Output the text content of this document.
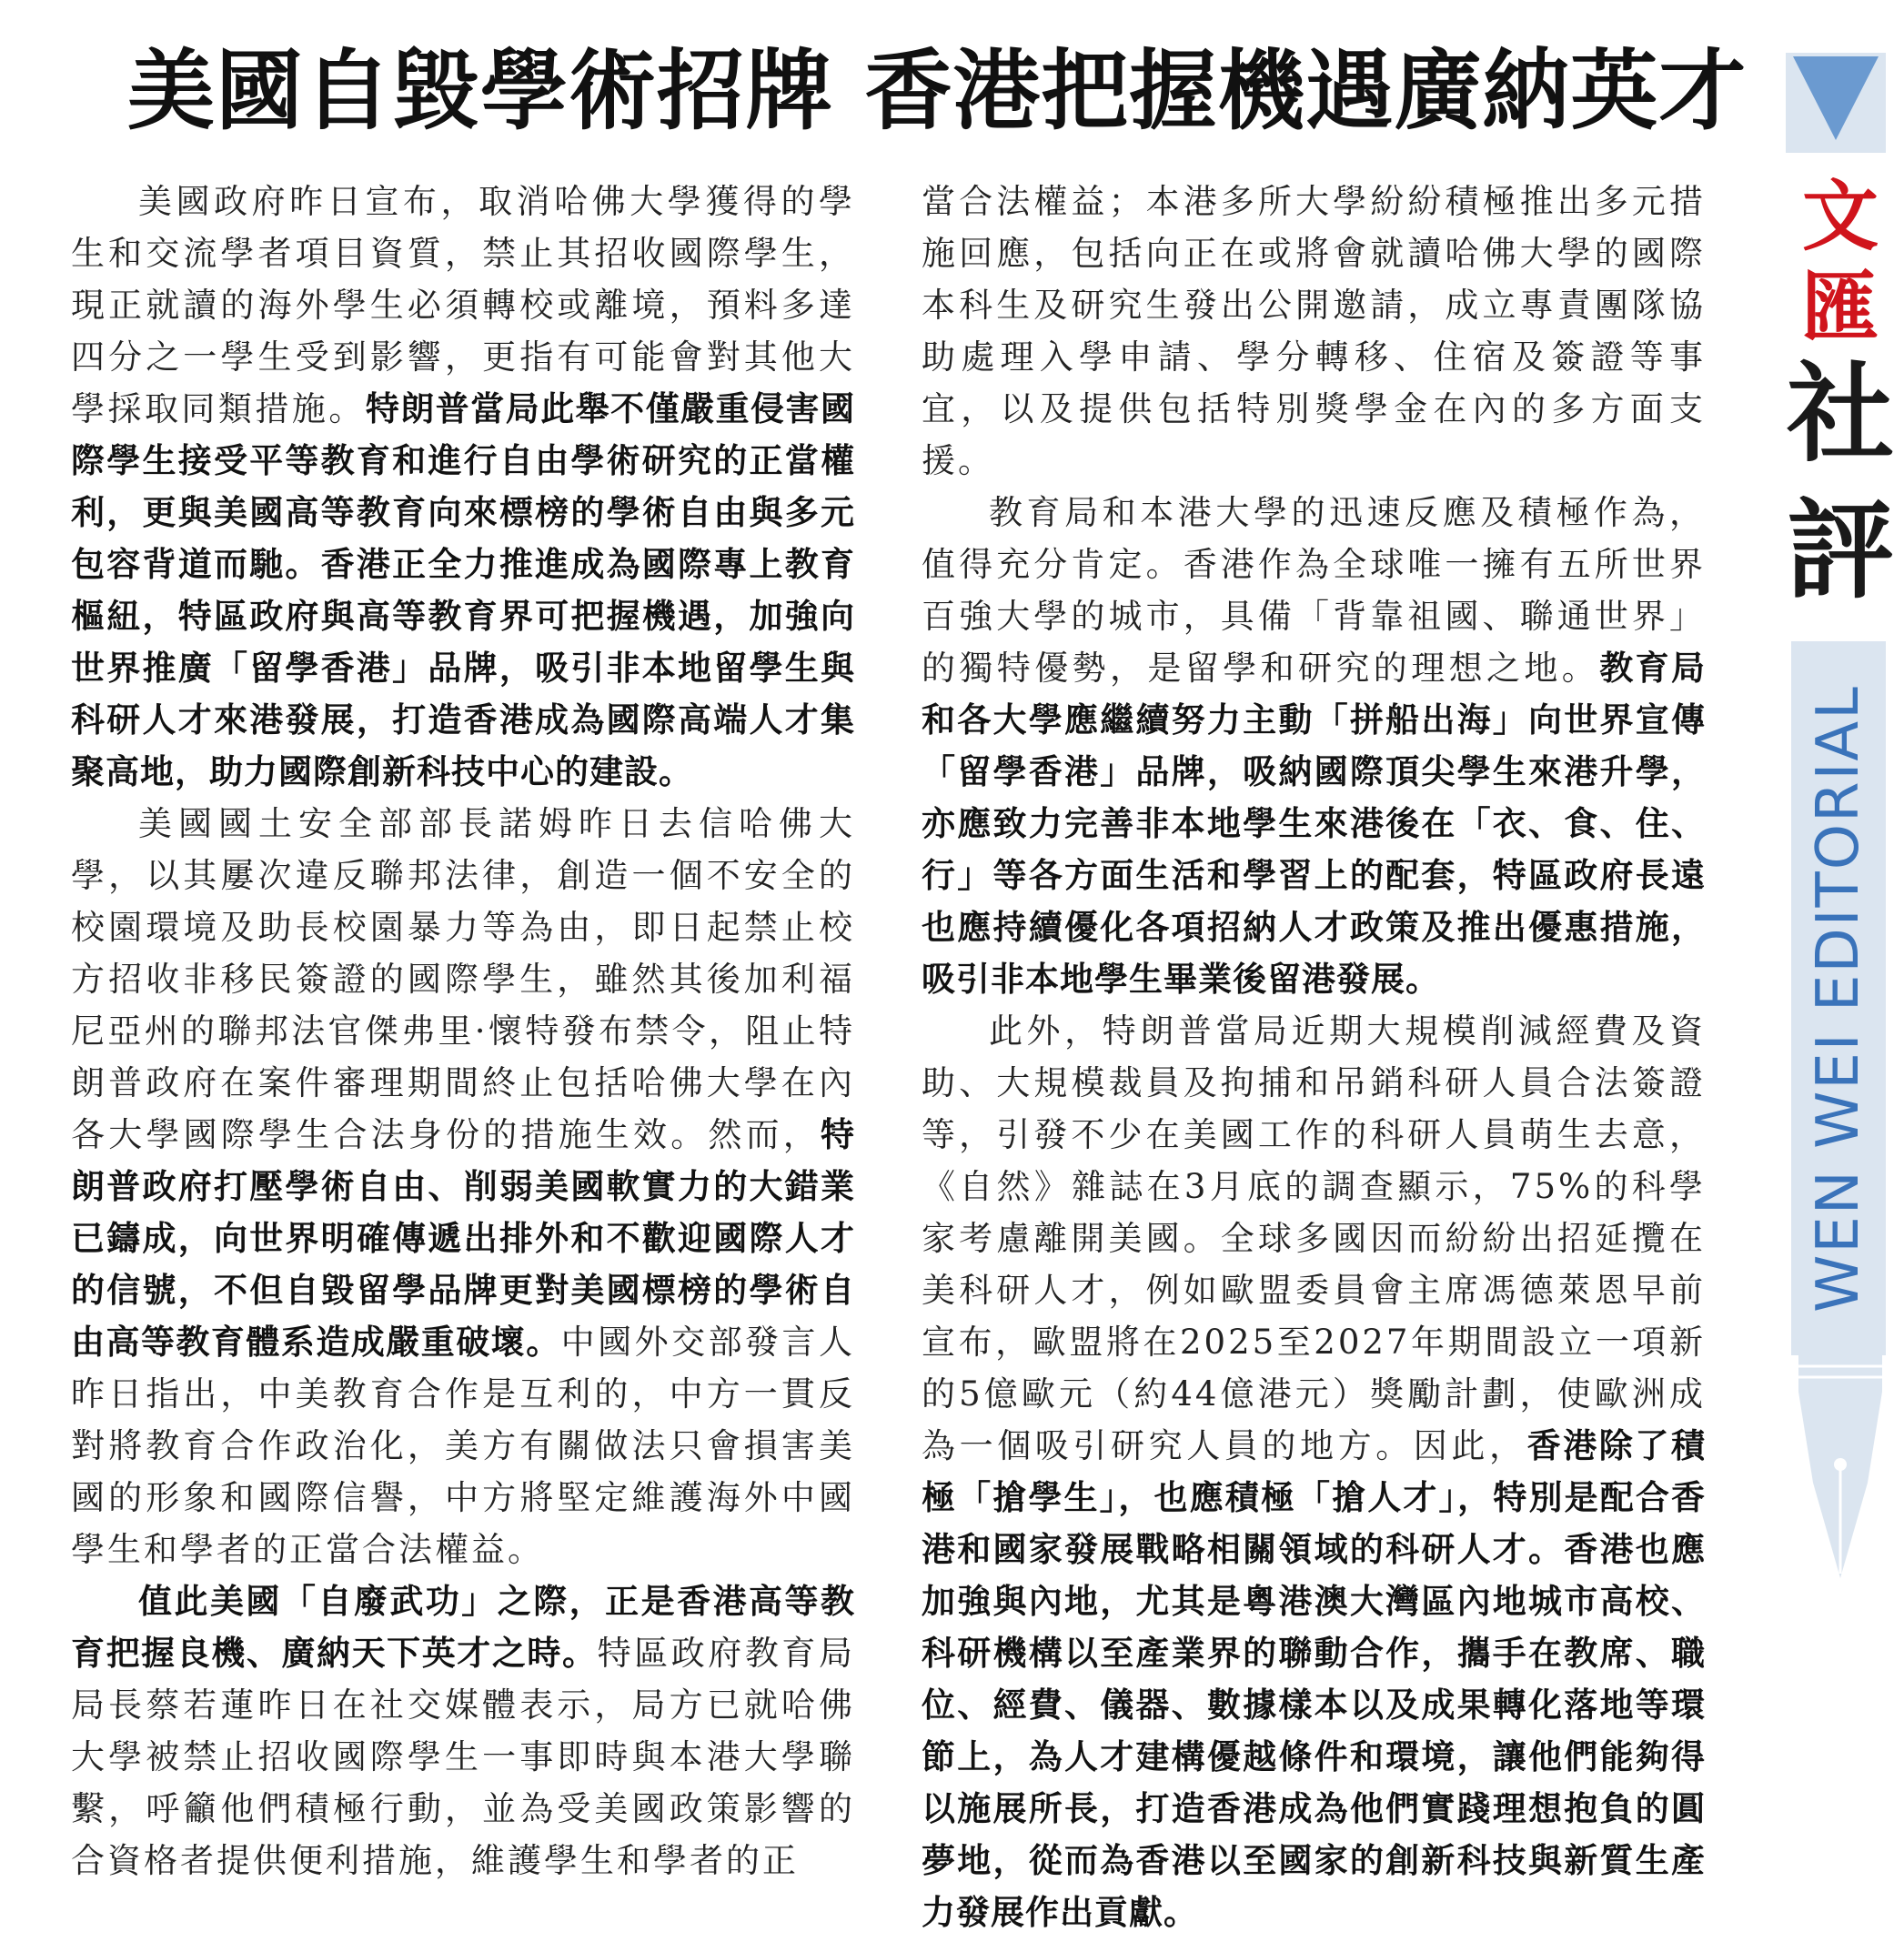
美國自毀學術招牌 香港把握機遇廣納英才

美國政府昨日宣布，取消哈佛大學獲得的學生和交流學者項目資質，禁止其招收國際學生，現正就讀的海外學生必須轉校或離境，預料多達四分之一學生受到影響，更指有可能會對其他大學採取同類措施。特朗普當局此舉不僅嚴重侵害國際學生接受平等教育和進行自由學術研究的正當權利，更與美國高等教育向來標榜的學術自由與多元包容背道而馳。香港正全力推進成為國際專上教育樞紐，特區政府與高等教育界可把握機遇，加強向世界推廣「留學香港」品牌，吸引非本地留學生與科研人才來港發展，打造香港成為國際高端人才集聚高地，助力國際創新科技中心的建設。

美國國土安全部部長諾姆昨日去信哈佛大學，以其屢次違反聯邦法律，創造一個不安全的校園環境及助長校園暴力等為由，即日起禁止校方招收非移民簽證的國際學生，雖然其後加利福尼亞州的聯邦法官傑弗里·懷特發布禁令，阻止特朗普政府在案件審理期間終止包括哈佛大學在內各大學國際學生合法身份的措施生效。然而，特朗普政府打壓學術自由、削弱美國軟實力的大錯業已鑄成，向世界明確傳遞出排外和不歡迎國際人才的信號，不但自毀留學品牌更對美國標榜的學術自由高等教育體系造成嚴重破壞。中國外交部發言人昨日指出，中美教育合作是互利的，中方一貫反對將教育合作政治化，美方有關做法只會損害美國的形象和國際信譽，中方將堅定維護海外中國學生和學者的正當合法權益。

值此美國「自廢武功」之際，正是香港高等教育把握良機、廣納天下英才之時。特區政府教育局局長蔡若蓮昨日在社交媒體表示，局方已就哈佛大學被禁止招收國際學生一事即時與本港大學聯繫，呼籲他們積極行動，並為受美國政策影響的合資格者提供便利措施，維護學生和學者的正

當合法權益；本港多所大學紛紛積極推出多元措施回應，包括向正在或將會就讀哈佛大學的國際本科生及研究生發出公開邀請，成立專責團隊協助處理入學申請、學分轉移、住宿及簽證等事宜，以及提供包括特別獎學金在內的多方面支援。

教育局和本港大學的迅速反應及積極作為，值得充分肯定。香港作為全球唯一擁有五所世界百強大學的城市，具備「背靠祖國、聯通世界」的獨特優勢，是留學和研究的理想之地。教育局和各大學應繼續努力主動「拼船出海」向世界宣傳「留學香港」品牌，吸納國際頂尖學生來港升學，亦應致力完善非本地學生來港後在「衣、食、住、行」等各方面生活和學習上的配套，特區政府長遠也應持續優化各項招納人才政策及推出優惠措施，吸引非本地學生畢業後留港發展。

此外，特朗普當局近期大規模削減經費及資助、大規模裁員及拘捕和吊銷科研人員合法簽證等，引發不少在美國工作的科研人員萌生去意，《自然》雜誌在3月底的調查顯示，75%的科學家考慮離開美國。全球多國因而紛紛出招延攬在美科研人才，例如歐盟委員會主席馮德萊恩早前宣布，歐盟將在2025至2027年期間設立一項新的5億歐元（約44億港元）獎勵計劃，使歐洲成為一個吸引研究人員的地方。因此，香港除了積極「搶學生」，也應積極「搶人才」，特別是配合香港和國家發展戰略相關領域的科研人才。香港也應加強與內地，尤其是粵港澳大灣區內地城市高校、科研機構以至產業界的聯動合作，攜手在教席、職位、經費、儀器、數據樣本以及成果轉化落地等環節上，為人才建構優越條件和環境，讓他們能夠得以施展所長，打造香港成為他們實踐理想抱負的圓夢地，從而為香港以至國家的創新科技與新質生產力發展作出貢獻。

文
匯
社
評
WEN WEI EDITORIAL
